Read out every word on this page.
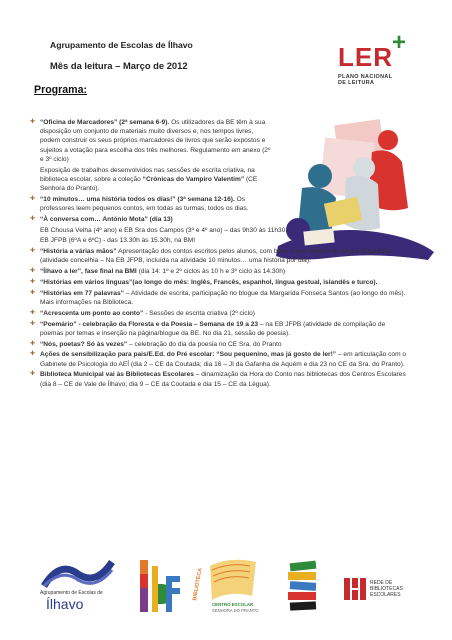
Agrupamento de Escolas de Ílhavo
Mês da leitura – Março de 2012
Programa:
LER +
PLANO NACIONAL
DE LEITURA
✚ “Oficina de Marcadores” (2ª semana 6-9). Os utilizadores da BE têm à sua disposição um conjunto de materiais muito diversos e, nos tempos livres, podem construir os seus próprios marcadores de livros que serão expostos e sujeitos a votação para escolha dos três melhores. Regulamento em anexo (2º e 3º ciclo)
Exposição de trabalhos desenvolvidos nas sessões de escrita criativa, na biblioteca escolar, sobre a coleção “Crónicas do Vampiro Valentim” (CE Senhora do Pranto).
✚ “10 minutos… uma história todos os dias!” (3ª semana 12-16). Os professores leem pequenos contos, em todas as turmas, todos os dias.
✚ “À conversa com… António Mota” (dia 13)
EB Chousa Velha (4º ano) e EB Sra dos Campos (3º e 4º ano) – das 9h30 às 11h30.
EB JFPB (6ºA e 6ºC) - das 13.30h às 15.30h, na BMI
✚ “História a várias mãos” Apresentação dos contos escritos pelos alunos, com base numa história de Álvaro Magalhães (atividade concelhia – Na EB JFPB, incluída na atividade 10 minutos… uma história por dia).
✚ “Ílhavo a ler”, fase final na BMI (dia 14: 1º e 2º ciclos às 10 h e 3º ciclo às 14.30h)
✚ “Histórias em vários línguas”(ao longo do mês: Inglês, Francês, espanhol, língua gestual, islandês e turco).
✚ “Histórias em 77 palavras” – Atividade de escrita, participação no blogue da Margarida Fonseca Santos (ao longo do mês). Mais informações na Biblioteca.
✚ “Acrescenta um ponto ao conto” - Sessões de escrita criativa (2º ciclo)
✚ “Poemário” - celebração da Floresta e da Poesia – Semana de 19 a 23 – na EB JFPB (atividade de compilação de poemas por temas e inserção na página/blogue da BE. No dia 21, sessão de poesia).
✚ “Nós, poetas? Só às vezes” – celebração do dia da poesia no CE Sra. do Pranto
✚ Ações de sensibilização para pais/E.Ed. do Pré escolar: “Sou pequenino, mas já gosto de ler!” – em articulação com o Gabinete de Psicologia do AEÍ (dia 2 – CE da Coutada; dia 16 – JI da Gafanha de Aquém e dia 23 no CE da Sra. do Pranto).
✚ Biblioteca Municipal vai às Bibliotecas Escolares – dinamização da Hora do Conto nas bibliotecas dos Centros Escolares (dia 8 – CE de Vale de Ílhavo; dia 9 – CE da Coutada e dia 15 – CE da Légua).
Agrupamento de Escolas de
Ílhavo
BIBLIOTECA
CENTRO ESCOLAR
SENHORA DO PRANTO
REDE DE
BIBLIOTECAS
ESCOLARES
